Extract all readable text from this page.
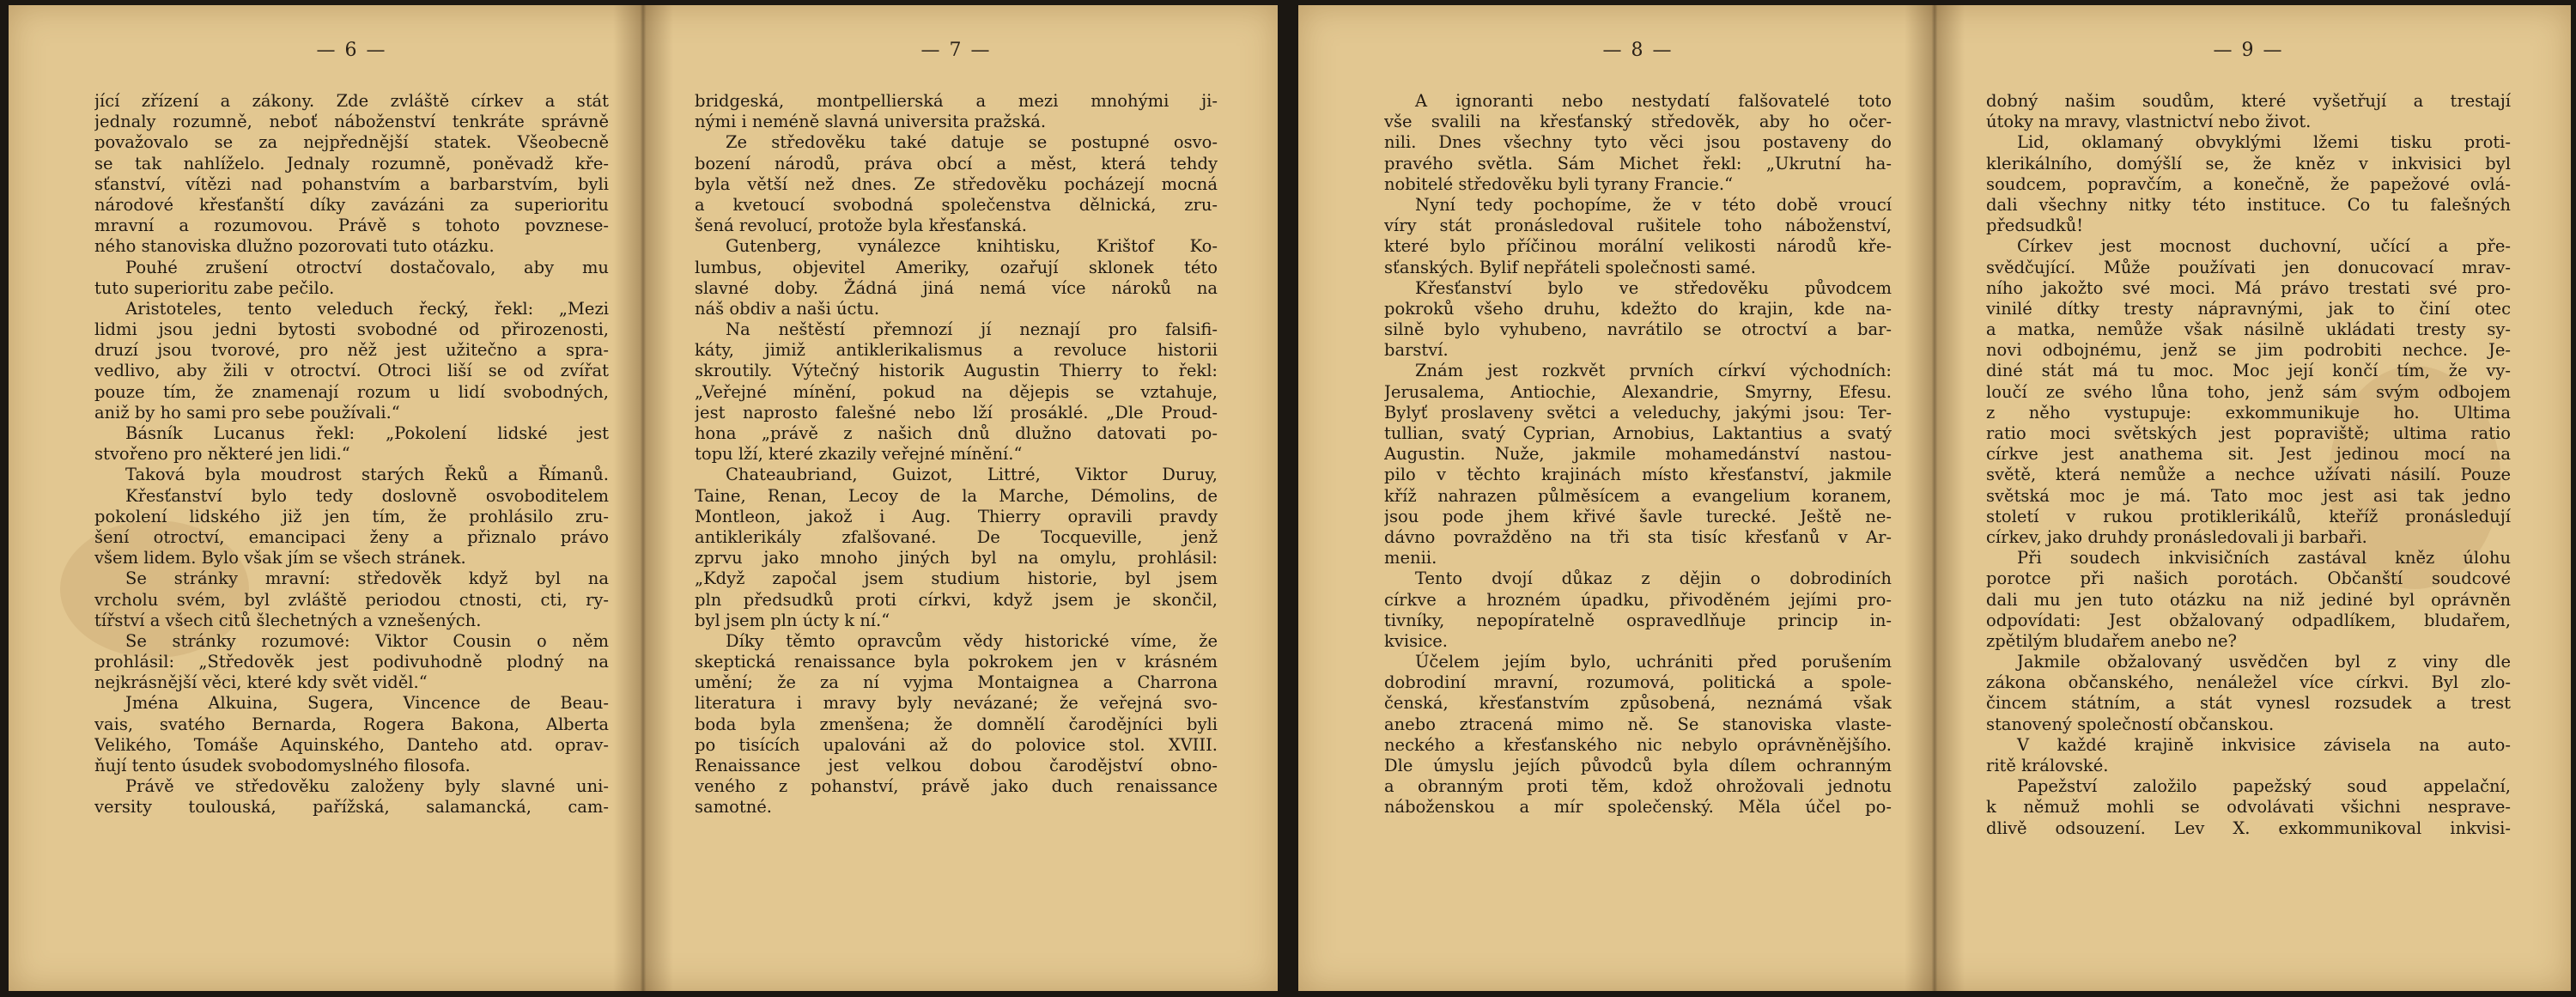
— 6 —
jící zřízení a zákony. Zde zvláště církev a stát
jednaly rozumně, neboť náboženství tenkráte správně
považovalo se za nejpřednější statek. Všeobecně
se tak nahlíželo. Jednaly rozumně, poněvadž kře-
sťanství, vítězi nad pohanstvím a barbarstvím, byli
národové křesťanští díky zavázáni za superioritu
mravní a rozumovou. Právě s tohoto povznese-
ného stanoviska dlužno pozorovati tuto otázku.
Pouhé zrušení otroctví dostačovalo, aby mu
tuto superioritu zabe pečilo.
Aristoteles, tento veleduch řecký, řekl: „Mezi
lidmi jsou jedni bytosti svobodné od přirozenosti,
druzí jsou tvorové, pro něž jest užitečno a spra-
vedlivo, aby žili v otroctví. Otroci liší se od zvířat
pouze tím, že znamenají rozum u lidí svobodných,
aniž by ho sami pro sebe používali.“
Básník Lucanus řekl: „Pokolení lidské jest
stvořeno pro některé jen lidi.“
Taková byla moudrost starých Řeků a Římanů.
Křesťanství bylo tedy doslovně osvoboditelem
pokolení lidského již jen tím, že prohlásilo zru-
šení otroctví, emancipaci ženy a přiznalo právo
všem lidem. Bylo však jím se všech stránek.
Se stránky mravní: středověk když byl na
vrcholu svém, byl zvláště periodou ctnosti, cti, ry-
tířství a všech citů šlechetných a vznešených.
Se stránky rozumové: Viktor Cousin o něm
prohlásil: „Středověk jest podivuhodně plodný na
nejkrásnější věci, které kdy svět viděl.“
Jména Alkuina, Sugera, Vincence de Beau-
vais, svatého Bernarda, Rogera Bakona, Alberta
Velikého, Tomáše Aquinského, Danteho atd. oprav-
ňují tento úsudek svobodomyslného filosofa.
Právě ve středověku založeny byly slavné uni-
versity toulouská, pařížská, salamancká, cam-
— 7 —
bridgeská, montpellierská a mezi mnohými ji-
nými i neméně slavná universita pražská.
Ze středověku také datuje se postupné osvo-
bození národů, práva obcí a měst, která tehdy
byla větší než dnes. Ze středověku pocházejí mocná
a kvetoucí svobodná společenstva dělnická, zru-
šená revolucí, protože byla křesťanská.
Gutenberg, vynálezce knihtisku, Krištof Ko-
lumbus, objevitel Ameriky, ozařují sklonek této
slavné doby. Žádná jiná nemá více nároků na
náš obdiv a naši úctu.
Na neštěstí přemnozí jí neznají pro falsifi-
káty, jimiž antiklerikalismus a revoluce historii
skroutily. Výtečný historik Augustin Thierry to řekl:
„Veřejné mínění, pokud na dějepis se vztahuje,
jest naprosto falešné nebo lží prosáklé. „Dle Proud-
hona „právě z našich dnů dlužno datovati po-
topu lží, které zkazily veřejné mínění.“
Chateaubriand, Guizot, Littré, Viktor Duruy,
Taine, Renan, Lecoy de la Marche, Démolins, de
Montleon, jakož i Aug. Thierry opravili pravdy
antiklerikály zfalšované. De Tocqueville, jenž
zprvu jako mnoho jiných byl na omylu, prohlásil:
„Když započal jsem studium historie, byl jsem
pln předsudků proti církvi, když jsem je skončil,
byl jsem pln úcty k ní.“
Díky těmto opravcům vědy historické víme, že
skeptická renaissance byla pokrokem jen v krásném
umění; že za ní vyjma Montaignea a Charrona
literatura i mravy byly nevázané; že veřejná svo-
boda byla zmenšena; že domnělí čarodějníci byli
po tisících upalováni až do polovice stol. XVIII.
Renaissance jest velkou dobou čarodějství obno-
veného z pohanství, právě jako duch renaissance
samotné.
— 8 —
A ignoranti nebo nestydatí falšovatelé toto
vše svalili na křesťanský středověk, aby ho očer-
nili. Dnes všechny tyto věci jsou postaveny do
pravého světla. Sám Michet řekl: „Ukrutní ha-
nobitelé středověku byli tyrany Francie.“
Nyní tedy pochopíme, že v této době vroucí
víry stát pronásledoval rušitele toho náboženství,
které bylo příčinou morální velikosti národů kře-
sťanských. Bylif nepřáteli společnosti samé.
Křesťanství bylo ve středověku původcem
pokroků všeho druhu, kdežto do krajin, kde na-
silně bylo vyhubeno, navrátilo se otroctví a bar-
barství.
Znám jest rozkvět prvních církví východních:
Jerusalema, Antiochie, Alexandrie, Smyrny, Efesu.
Bylyť proslaveny světci a veleduchy, jakými jsou: Ter-
tullian, svatý Cyprian, Arnobius, Laktantius a svatý
Augustin. Nuže, jakmile mohamedánství nastou-
pilo v těchto krajinách místo křesťanství, jakmile
kříž nahrazen půlměsícem a evangelium koranem,
jsou pode jhem křivé šavle turecké. Ještě ne-
dávno povražděno na tři sta tisíc křesťanů v Ar-
menii.
Tento dvojí důkaz z dějin o dobrodiních
církve a hrozném úpadku, přivoděném jejími pro-
tivníky, nepopíratelně ospravedlňuje princip in-
kvisice.
Účelem jejím bylo, uchrániti před porušením
dobrodiní mravní, rozumová, politická a spole-
čenská, křesťanstvím způsobená, neznámá však
anebo ztracená mimo ně. Se stanoviska vlaste-
neckého a křesťanského nic nebylo oprávněnějšího.
Dle úmyslu jejích původců byla dílem ochranným
a obranným proti těm, kdož ohrožovali jednotu
náboženskou a mír společenský. Měla účel po-
— 9 —
dobný našim soudům, které vyšetřují a trestají
útoky na mravy, vlastnictví nebo život.
Lid, oklamaný obvyklými lžemi tisku proti-
klerikálního, domýšlí se, že kněz v inkvisici byl
soudcem, popravčím, a konečně, že papežové ovlá-
dali všechny nitky této instituce. Co tu falešných
předsudků!
Církev jest mocnost duchovní, učící a pře-
svědčující. Může používati jen donucovací mrav-
ního jakožto své moci. Má právo trestati své pro-
vinilé dítky tresty nápravnými, jak to činí otec
a matka, nemůže však násilně ukládati tresty sy-
novi odbojnému, jenž se jim podrobiti nechce. Je-
diné stát má tu moc. Moc její končí tím, že vy-
loučí ze svého lůna toho, jenž sám svým odbojem
z něho vystupuje: exkommunikuje ho. Ultima
ratio moci světských jest popraviště; ultima ratio
církve jest anathema sit. Jest jedinou mocí na
světě, která nemůže a nechce užívati násilí. Pouze
světská moc je má. Tato moc jest asi tak jedno
století v rukou protiklerikálů, kteříž pronásledují
církev, jako druhdy pronásledovali ji barbaři.
Při soudech inkvisičních zastával kněz úlohu
porotce při našich porotách. Občanští soudcové
dali mu jen tuto otázku na niž jediné byl oprávněn
odpovídati: Jest obžalovaný odpadlíkem, bludařem,
zpětilým bludařem anebo ne?
Jakmile obžalovaný usvědčen byl z viny dle
zákona občanského, nenáležel více církvi. Byl zlo-
čincem státním, a stát vynesl rozsudek a trest
stanovený společností občanskou.
V každé krajině inkvisice závisela na auto-
ritě královské.
Papežství založilo papežský soud appelační,
k němuž mohli se odvolávati všichni nesprave-
dlivě odsouzení. Lev X. exkommunikoval inkvisi-
